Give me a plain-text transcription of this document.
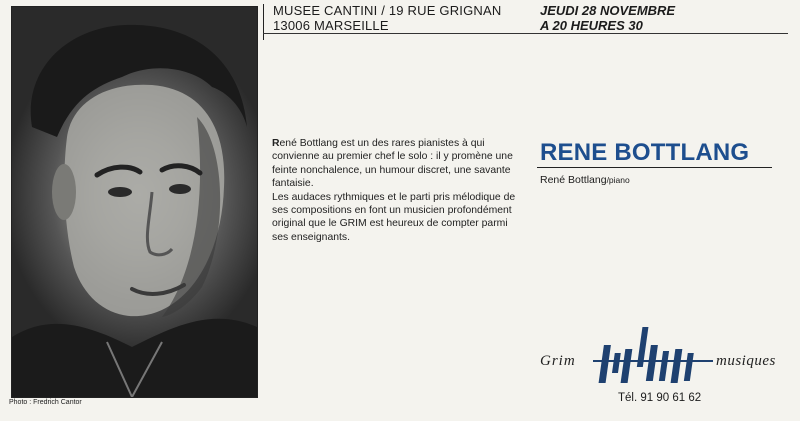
Photo : Fredrich Cantor
MUSEE CANTINI / 19 RUE GRIGNAN
13006 MARSEILLE
JEUDI 28 NOVEMBRE
A 20 HEURES 30

René Bottlang est un des rares pianistes à qui convienne au premier chef le solo : il y promène une feinte nonchalence, un humour discret, une savante fantaisie.

Les audaces rythmiques et le parti pris mélodique de ses compositions en font un musicien profondément original que le GRIM est heureux de compter parmi ses enseignants.

RENE BOTTLANG
René Bottlang/piano
Grim	musiques
Tél. 91 90 61 62
